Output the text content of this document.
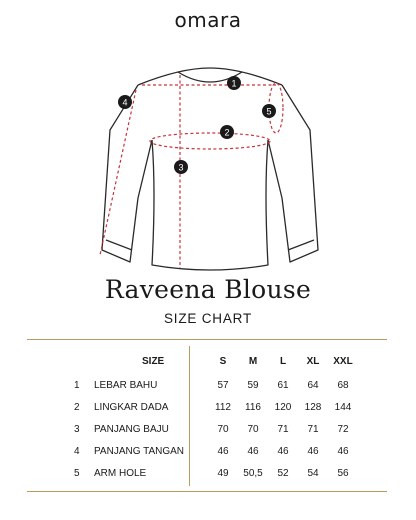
omara
1
2
3
4
5
Raveena Blouse
SIZE CHART
	SIZE		S	M	L	XL	XXL
1	LEBAR BAHU		57	59	61	64	68
2	LINGKAR DADA		112	116	120	128	144
3	PANJANG BAJU		70	70	71	71	72
4	PANJANG TANGAN		46	46	46	46	46
5	ARM HOLE		49	50,5	52	54	56
